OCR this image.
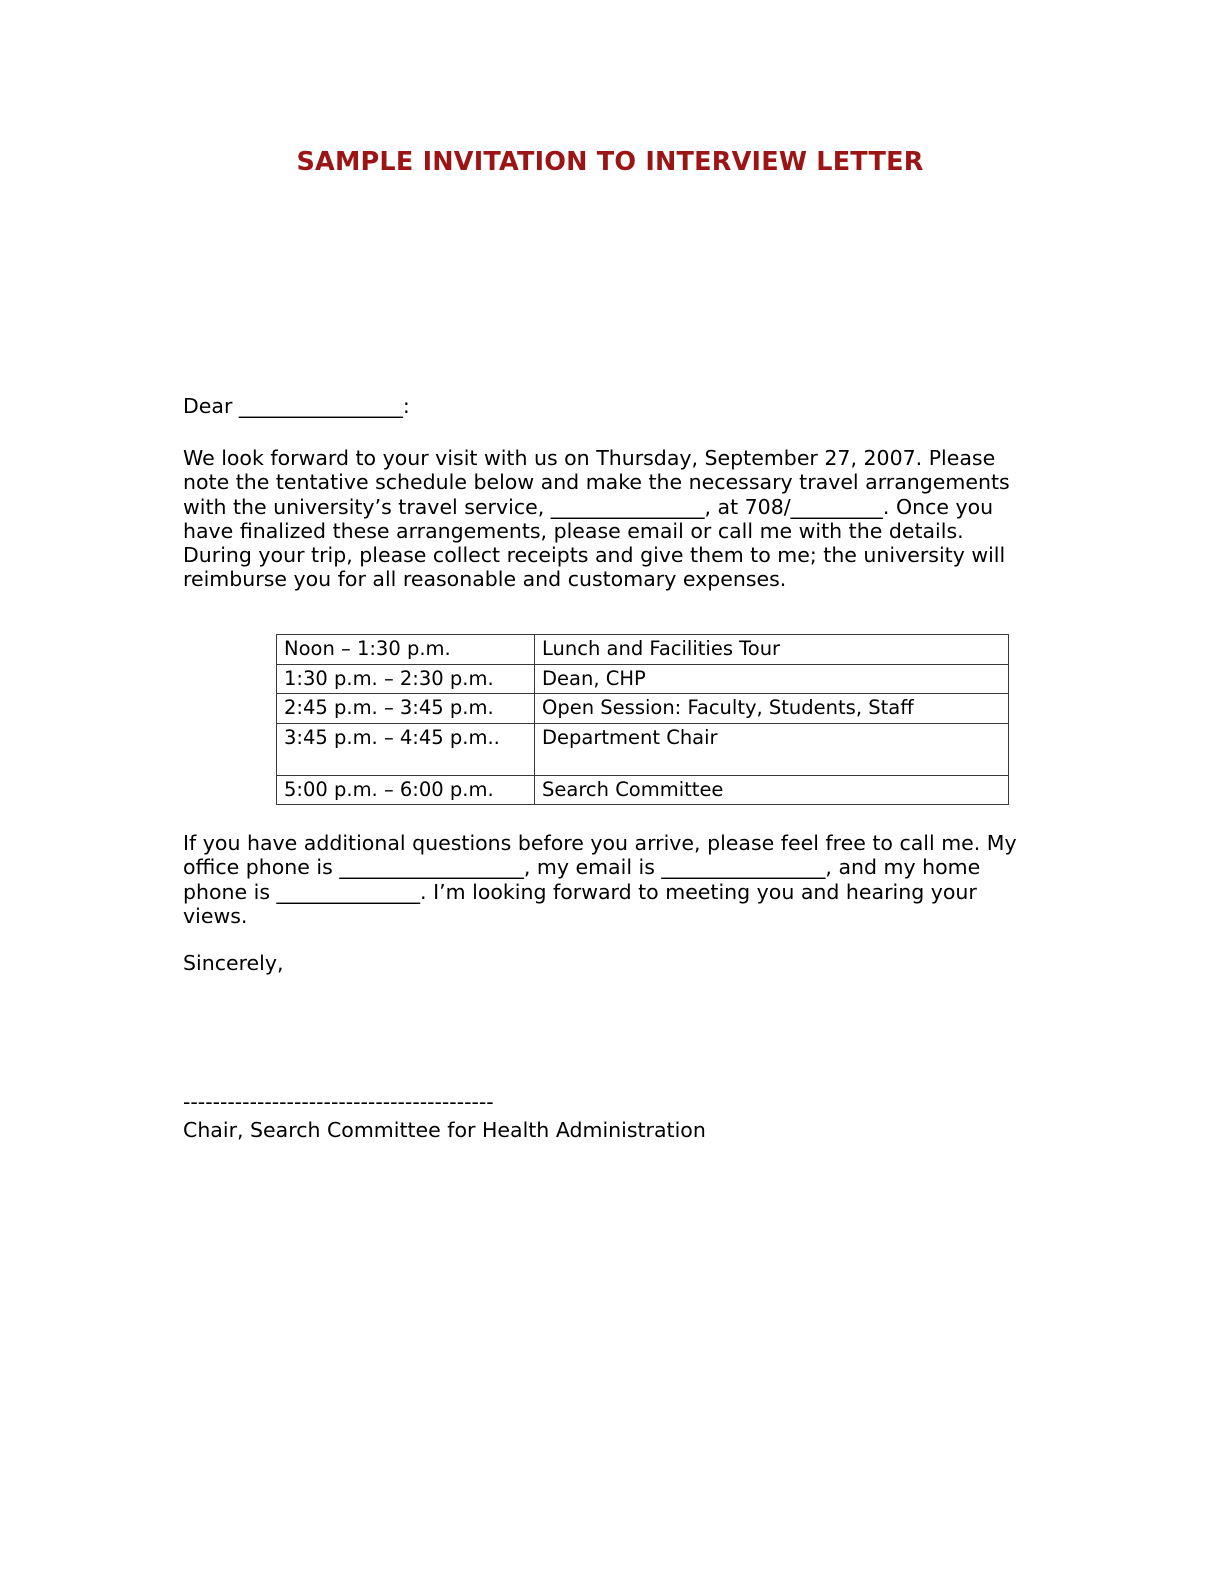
SAMPLE INVITATION TO INTERVIEW LETTER
Dear ________________:
We look forward to your visit with us on Thursday, September 27, 2007. Please note the tentative schedule below and make the necessary travel arrangements with the university’s travel service, _______________, at 708/_________. Once you have finalized these arrangements, please email or call me with the details. During your trip, please collect receipts and give them to me; the university will reimburse you for all reasonable and customary expenses.
Noon – 1:30 p.m.	Lunch and Facilities Tour
1:30 p.m. – 2:30 p.m.	Dean, CHP
2:45 p.m. – 3:45 p.m.	Open Session: Faculty, Students, Staff
3:45 p.m. – 4:45 p.m..	Department Chair
5:00 p.m. – 6:00 p.m.	Search Committee
If you have additional questions before you arrive, please feel free to call me. My office phone is __________________, my email is ________________, and my home phone is ______________. I’m looking forward to meeting you and hearing your views.
Sincerely,
------------------------------------------
Chair, Search Committee for Health Administration
